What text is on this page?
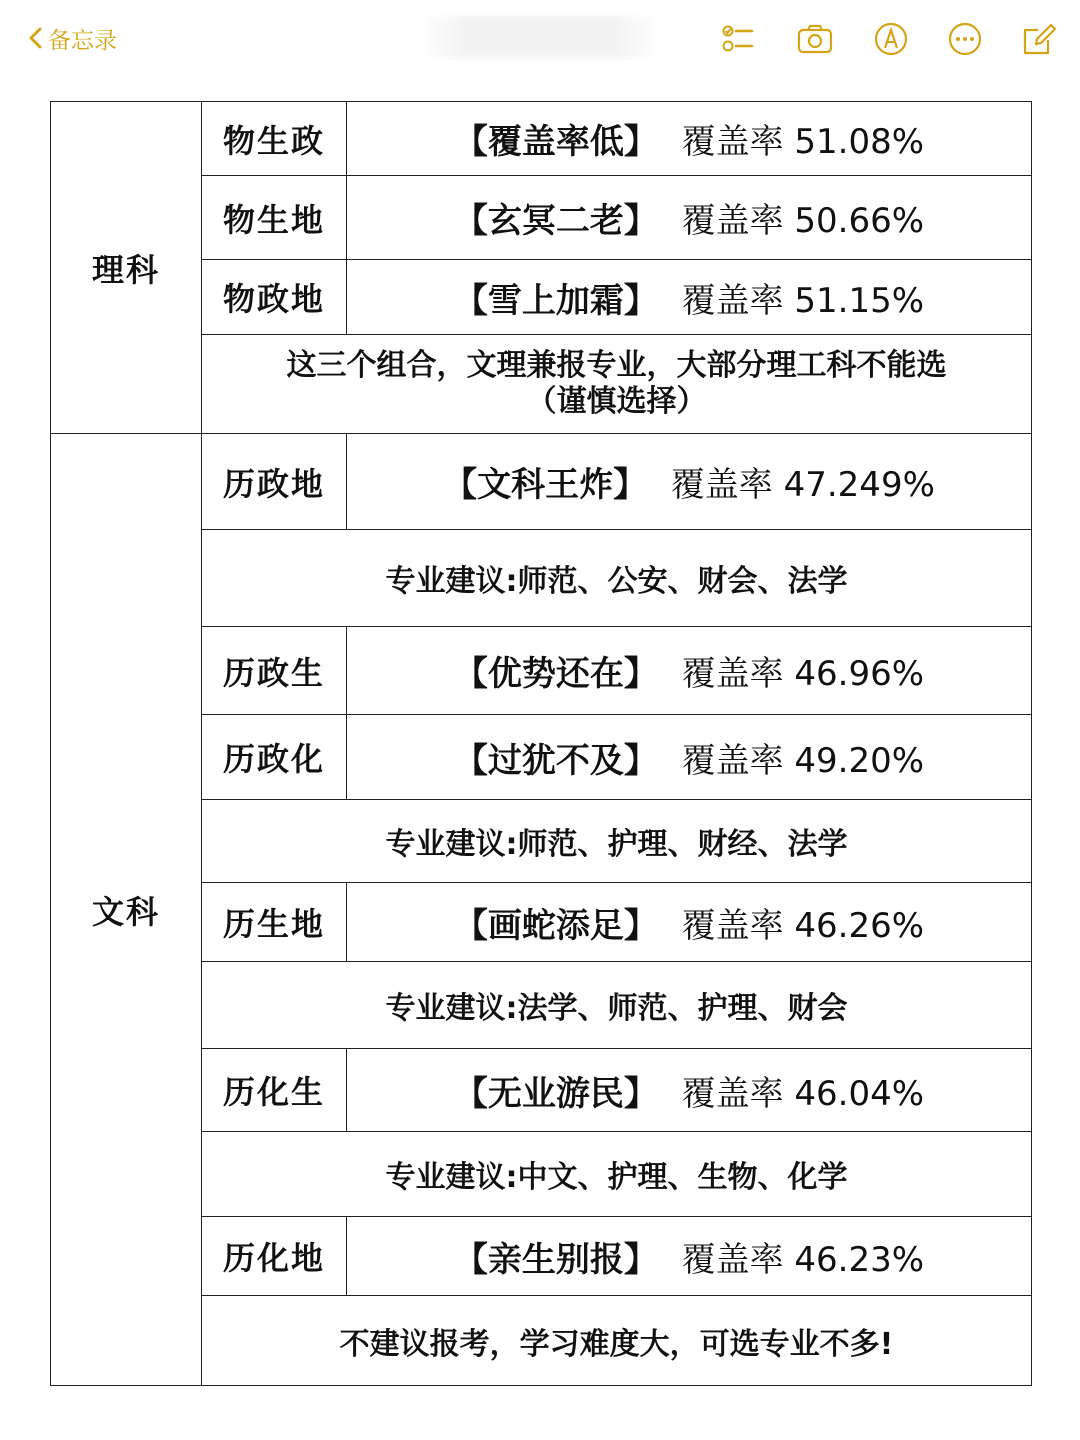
备忘录
理科	物生政	【覆盖率低】 覆盖率 51.08%
	物生地	【玄冥二老】 覆盖率 50.66%
	物政地	【雪上加霜】 覆盖率 51.15%

	这三个组合，文理兼报专业，大部分理工科不能选
（谨慎选择）	

文科	历政地	【文科王炸】 覆盖率 47.249%
	专业建议:师范、公安、财会、法学	
	历政生	【优势还在】 覆盖率 46.96%
	历政化	【过犹不及】 覆盖率 49.20%
	专业建议:师范、护理、财经、法学	
	历生地	【画蛇添足】 覆盖率 46.26%
	专业建议:法学、师范、护理、财会	
	历化生	【无业游民】 覆盖率 46.04%
	专业建议:中文、护理、生物、化学	
	历化地	【亲生别报】 覆盖率 46.23%
	不建议报考，学习难度大，可选专业不多!	
